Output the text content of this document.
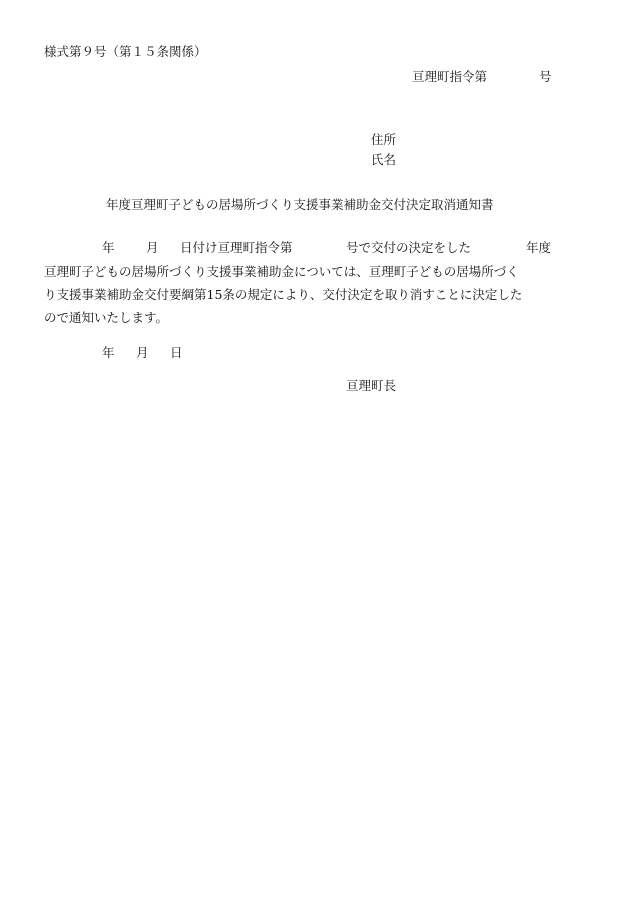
様式第９号（第１５条関係）
亘理町指令第	号
住所
氏名
年度亘理町子どもの居場所づくり支援事業補助金交付決定取消通知書
年	月 日付け亘理町指令第	号で交付の決定をした	年度
亘理町子どもの居場所づくり支援事業補助金については、亘理町子どもの居場所づく
り支援事業補助金交付要綱第15条の規定により、交付決定を取り消すことに決定した
ので通知いたします。
年 月 日
亘理町長
